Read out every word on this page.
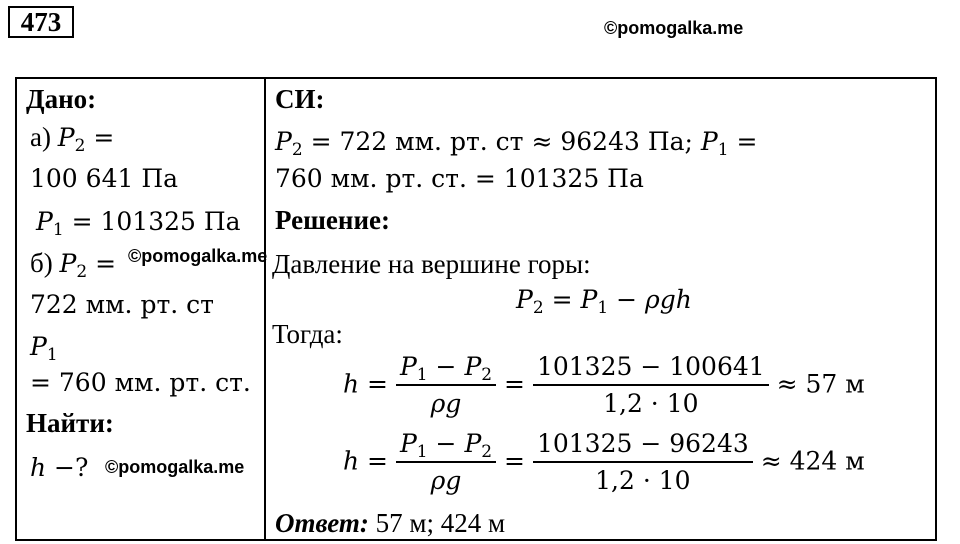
473	©pomogalka.me
Дано:
а) $P_2$ =
100 641 Па
$P_1 = 101325$ Па
б) $P_2$ = ©pomogalka.me
722 мм. рт. ст
$P_1$
= 760 мм. рт. ст.
Найти:
ℎ −? ©pomogalka.me
СИ:
$P_2 = 722$ мм. рт. ст ≈ 96243 Па; $P_1$ =
760 мм. рт. ст. = 101325 Па
Решение:
Давление на вершине горы:
$P_2 = P_1 - \rho gh$
Тогда:
$h = \frac{P_1 - P_2}{\rho g} = \frac{101325 - 100641}{1,2 \cdot 10} \approx 57$ м
$h = \frac{P_1 - P_2}{\rho g} = \frac{101325 - 96243}{1,2 \cdot 10} \approx 424$ м
Ответ: 57 м; 424 м
